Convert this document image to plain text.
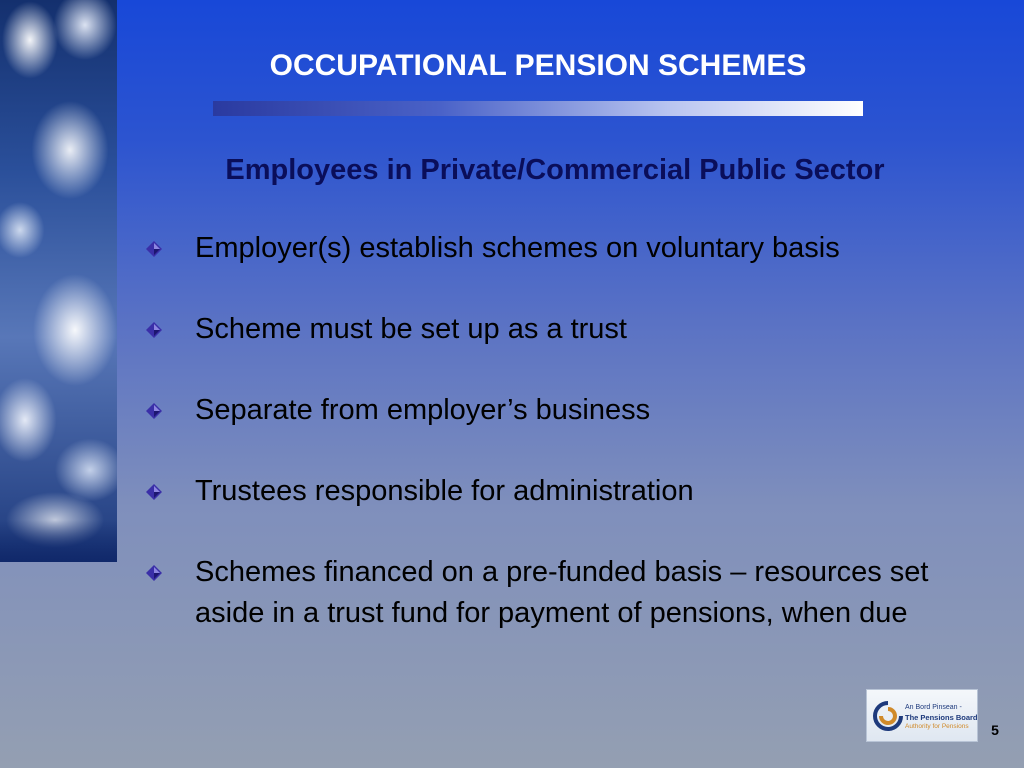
OCCUPATIONAL PENSION SCHEMES
Employees in Private/Commercial Public Sector
Employer(s) establish schemes on voluntary basis
Scheme must be set up as a trust
Separate from employer’s business
Trustees responsible for administration
Schemes financed on a pre-funded basis – resources set aside in a trust fund for payment of pensions, when due
An Bord Pinsean -
The Pensions Board
Authority for Pensions	5
